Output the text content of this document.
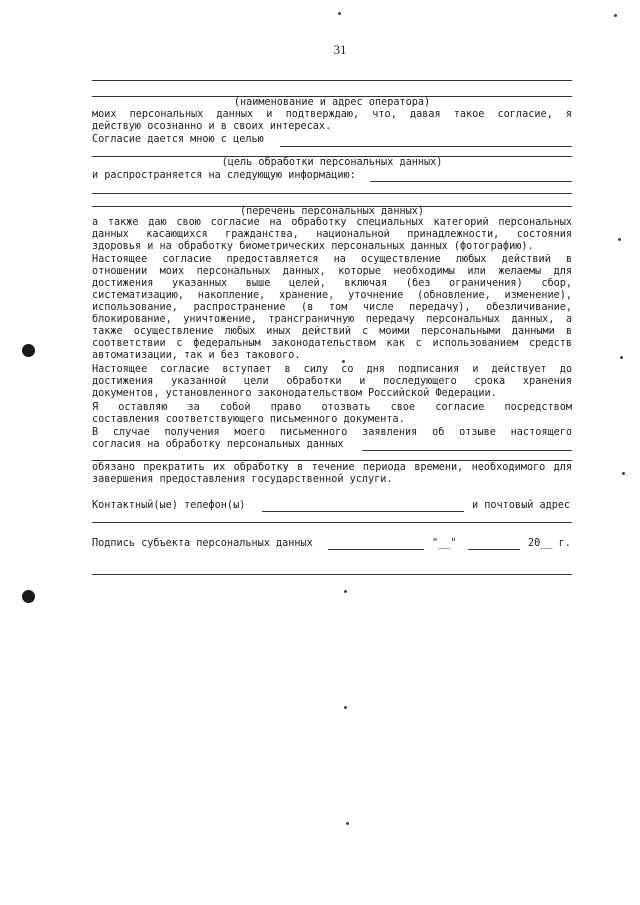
31
(наименование и адрес оператора)
моих персональных данных и подтверждаю, что, давая такое согласие, я
действую осознанно и в своих интересах.
Согласие дается мною с целью
(цель обработки персональных данных)
и распространяется на следующую информацию:
(перечень персональных данных)
а также даю свою согласие на обработку специальных категорий персональных
данных касающихся гражданства, национальной принадлежности, состояния
здоровья и на обработку биометрических персональных данных (фотографию).
Настоящее согласие предоставляется на осуществление любых действий в
отношении моих персональных данных, которые необходимы или желаемы для
достижения указанных выше целей, включая (без ограничения) сбор,
систематизацию, накопление, хранение, уточнение (обновление, изменение),
использование, распространение (в том числе передачу), обезличивание,
блокирование, уничтожение, трансграничную передачу персональных данных, а
также осуществление любых иных действий с моими персональными данными в
соответствии с федеральным законодательством как с использованием средств
автоматизации, так и без такового.
Настоящее согласие вступает в силу со дня подписания и действует до
достижения указанной цели обработки и последующего срока хранения
документов, установленного законодательством Российской Федерации.
Я оставляю за собой право отозвать свое согласие посредством
составления соответствующего письменного документа.
В случае получения моего письменного заявления об отзыве настоящего
согласия на обработку персональных данных
обязано прекратить их обработку в течение периода времени, необходимого для
завершения предоставления государственной услуги.
Контактный(ые) телефон(ы)	и почтовый адрес
Подпись субъекта персональных данных	"__"	20__ г.
